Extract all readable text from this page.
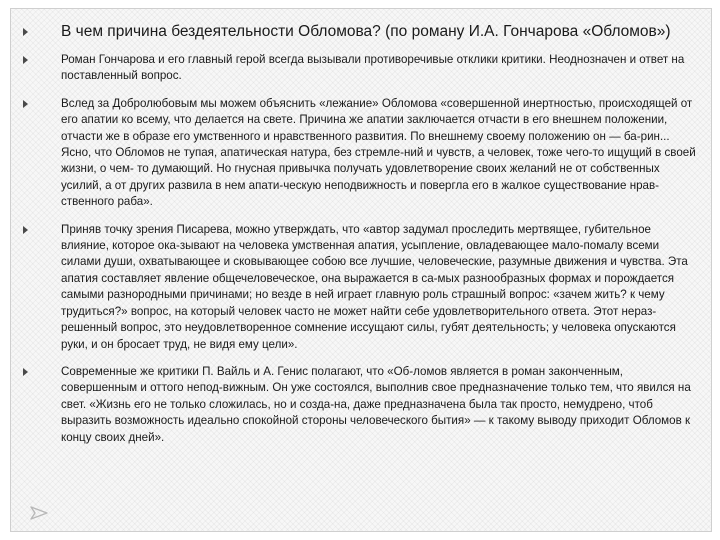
В чем причина бездеятельности Обломова? (по роману И.А. Гончарова «Обломов»)
Роман Гончарова и его главный герой всегда вызывали противоречивые отклики критики. Неоднозначен и ответ на поставленный вопрос.
Вслед за Добролюбовым мы можем объяснить «лежание» Обломова «совершенной инертностью, происходящей от его апатии ко всему, что делается на свете. Причина же апатии заключается отчасти в его внешнем положении, отчасти же в образе его умственного и нравственного развития. По внешнему своему положению он — ба-рин... Ясно, что Обломов не тупая, апатическая натура, без стремле-ний и чувств, а человек, тоже чего-то ищущий в своей жизни, о чем- то думающий. Но гнусная привычка получать удовлетворение своих желаний не от собственных усилий, а от других развила в нем апати-ческую неподвижность и повергла его в жалкое существование нрав-ственного раба».
Приняв точку зрения Писарева, можно утверждать, что «автор задумал проследить мертвящее, губительное влияние, которое ока-зывают на человека умственная апатия, усыпление, овладевающее мало-помалу всеми силами души, охватывающее и сковывающее собою все лучшие, человеческие, разумные движения и чувства. Эта апатия составляет явление общечеловеческое, она выражается в са-мых разнообразных формах и порождается самыми разнородными причинами; но везде в ней играет главную роль страшный вопрос: «зачем жить? к чему трудиться?» вопрос, на который человек часто не может найти себе удовлетворительного ответа. Этот нераз-решенный вопрос, это неудовлетворенное сомнение иссущают силы, губят деятельность; у человека опускаются руки, и он бросает труд, не видя ему цели».
Современные же критики П. Вайль и А. Генис полагают, что «Об-ломов является в роман законченным, совершенным и оттого непод-вижным. Он уже состоялся, выполнив свое предназначение только тем, что явился на свет. «Жизнь его не только сложилась, но и созда-на, даже предназначена была так просто, немудрено, чтоб выразить возможность идеально спокойной стороны человеческого бытия» — к такому выводу приходит Обломов к концу своих дней».
